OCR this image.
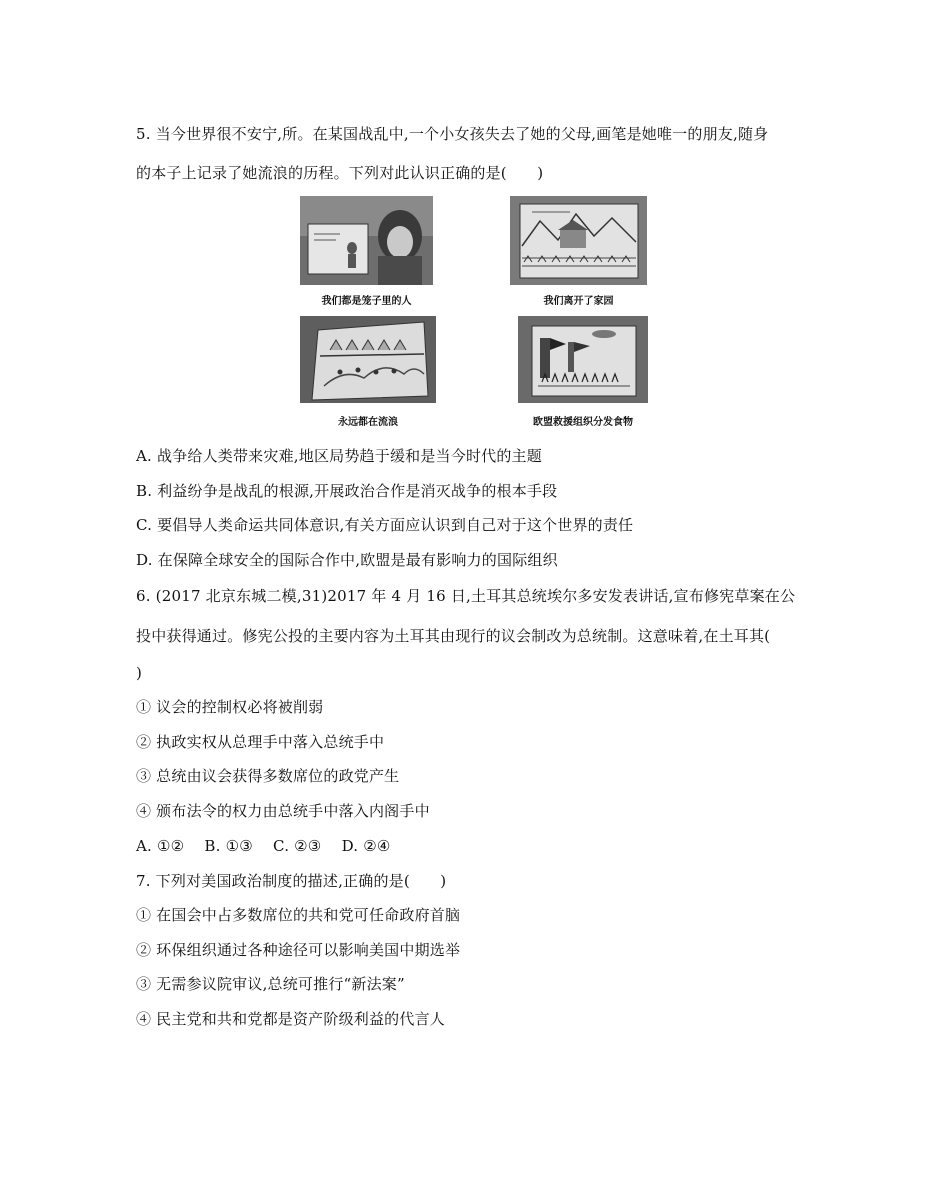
5. 当今世界很不安宁,所。在某国战乱中,一个小女孩失去了她的父母,画笔是她唯一的朋友,随身
的本子上记录了她流浪的历程。下列对此认识正确的是(　　)
我们都是笼子里的人	我们离开了家园
永远都在流浪	欧盟救援组织分发食物
A. 战争给人类带来灾难,地区局势趋于缓和是当今时代的主题
B. 利益纷争是战乱的根源,开展政治合作是消灭战争的根本手段
C. 要倡导人类命运共同体意识,有关方面应认识到自己对于这个世界的责任
D. 在保障全球安全的国际合作中,欧盟是最有影响力的国际组织
6. (2017 北京东城二模,31)2017 年 4 月 16 日,土耳其总统埃尔多安发表讲话,宣布修宪草案在公
投中获得通过。修宪公投的主要内容为土耳其由现行的议会制改为总统制。这意味着,在土耳其(
)
① 议会的控制权必将被削弱
② 执政实权从总理手中落入总统手中
③ 总统由议会获得多数席位的政党产生
④ 颁布法令的权力由总统手中落入内阁手中
A. ①②　 B. ①③　 C. ②③　 D. ②④
7. 下列对美国政治制度的描述,正确的是(　　)
① 在国会中占多数席位的共和党可任命政府首脑
② 环保组织通过各种途径可以影响美国中期选举
③ 无需参议院审议,总统可推行“新法案”
④ 民主党和共和党都是资产阶级利益的代言人
